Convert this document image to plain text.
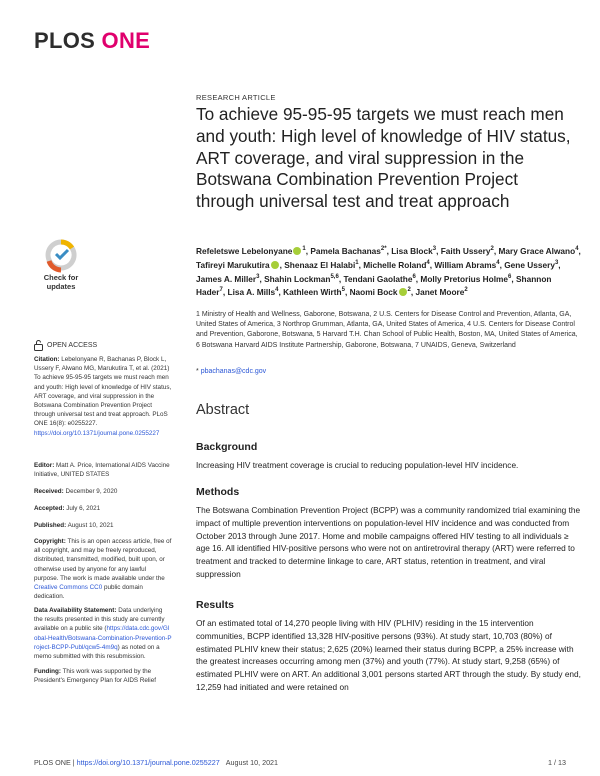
PLOS ONE
Check for
updates
OPEN ACCESS
Citation: Lebelonyane R, Bachanas P, Block L, Ussery F, Alwano MG, Marukutira T, et al. (2021) To achieve 95-95-95 targets we must reach men and youth: High level of knowledge of HIV status, ART coverage, and viral suppression in the Botswana Combination Prevention Project through universal test and treat approach. PLoS ONE 16(8): e0255227. https://doi.org/10.1371/journal.pone.0255227
Editor: Matt A. Price, International AIDS Vaccine Initiative, UNITED STATES
Received: December 9, 2020
Accepted: July 6, 2021
Published: August 10, 2021
Copyright: This is an open access article, free of all copyright, and may be freely reproduced, distributed, transmitted, modified, built upon, or otherwise used by anyone for any lawful purpose. The work is made available under the Creative Commons CC0 public domain dedication.
Data Availability Statement: Data underlying the results presented in this study are currently available on a public site (https://data.cdc.gov/Global-Health/Botswana-Combination-Prevention-Project-BCPP-Publ/qcw5-4m9q) as noted on a memo submitted with this resubmission.
Funding: This work was supported by the President's Emergency Plan for AIDS Relief
RESEARCH ARTICLE
To achieve 95-95-95 targets we must reach men and youth: High level of knowledge of HIV status, ART coverage, and viral suppression in the Botswana Combination Prevention Project through universal test and treat approach
Refeletswe Lebelonyane $^1$, Pamela Bachanas$^{2*}$, Lisa Block$^3$, Faith Ussery$^2$, Mary Grace Alwano$^4$, Tafireyi Marukutira , Shenaaz El Halabi$^1$, Michelle Roland$^4$, William Abrams$^4$, Gene Ussery$^3$, James A. Miller$^3$, Shahin Lockman$^{5,6}$, Tendani Gaolathe$^6$, Molly Pretorius Holme$^6$, Shannon Hader$^7$, Lisa A. Mills$^4$, Kathleen Wirth$^5$, Naomi Bock $^2$, Janet Moore$^2$
1 Ministry of Health and Wellness, Gaborone, Botswana, 2 U.S. Centers for Disease Control and Prevention, Atlanta, GA, United States of America, 3 Northrop Grumman, Atlanta, GA, United States of America, 4 U.S. Centers for Disease Control and Prevention, Gaborone, Botswana, 5 Harvard T.H. Chan School of Public Health, Boston, MA, United States of America, 6 Botswana Harvard AIDS Institute Partnership, Gaborone, Botswana, 7 UNAIDS, Geneva, Switzerland
* pbachanas@cdc.gov
Abstract
Background
Increasing HIV treatment coverage is crucial to reducing population-level HIV incidence.
Methods
The Botswana Combination Prevention Project (BCPP) was a community randomized trial examining the impact of multiple prevention interventions on population-level HIV incidence and was conducted from October 2013 through June 2017. Home and mobile campaigns offered HIV testing to all individuals ≥ age 16. All identified HIV-positive persons who were not on antiretroviral therapy (ART) were referred to treatment and tracked to determine linkage to care, ART status, retention in treatment, and viral suppression
Results
Of an estimated total of 14,270 people living with HIV (PLHIV) residing in the 15 intervention communities, BCPP identified 13,328 HIV-positive persons (93%). At study start, 10,703 (80%) of estimated PLHIV knew their status; 2,625 (20%) learned their status during BCPP, a 25% increase with the greatest increases occurring among men (37%) and youth (77%). At study start, 9,258 (65%) of estimated PLHIV were on ART. An additional 3,001 persons started ART through the study. By study end, 12,259 had initiated and were retained on
PLOS ONE | https://doi.org/10.1371/journal.pone.0255227 August 10, 2021	1 / 13
